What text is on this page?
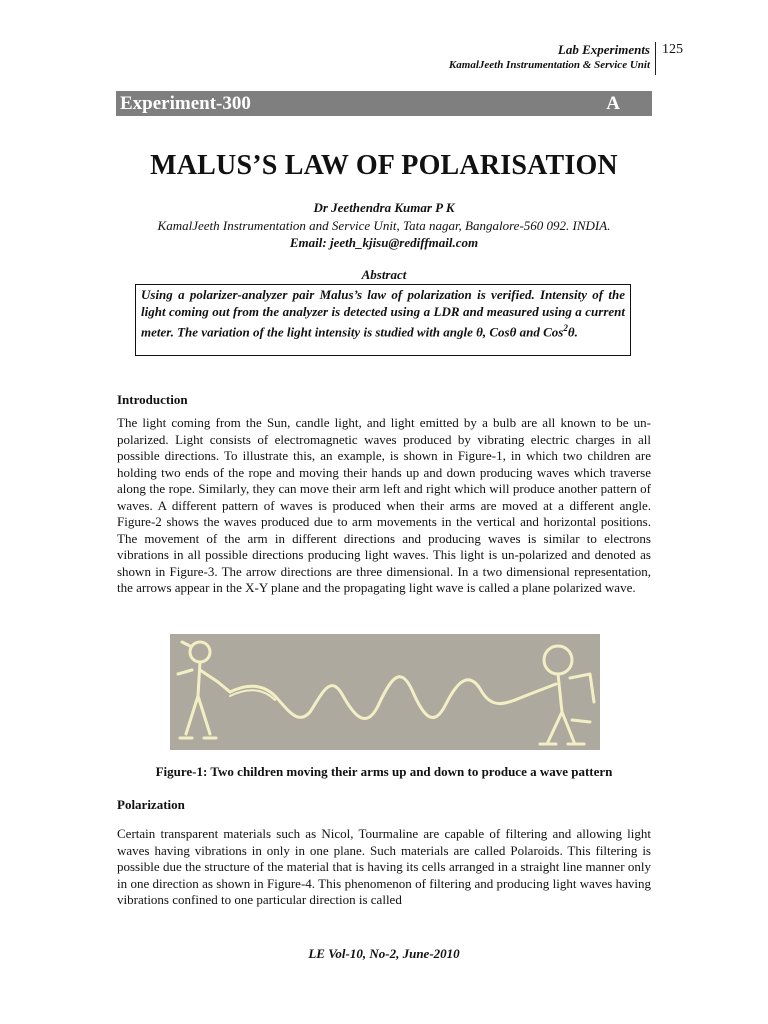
Lab Experiments
KamalJeeth Instrumentation & Service Unit
125
Experiment-300	A
MALUS’S LAW OF POLARISATION
Dr Jeethendra Kumar P K
KamalJeeth Instrumentation and Service Unit, Tata nagar, Bangalore-560 092. INDIA.
Email: jeeth_kjisu@rediffmail.com
Abstract
Using a polarizer-analyzer pair Malus’s law of polarization is verified. Intensity of the light coming out from the analyzer is detected using a LDR and measured using a current meter. The variation of the light intensity is studied with angle θ, Cosθ and Cos$^2$θ.
Introduction
The light coming from the Sun, candle light, and light emitted by a bulb are all known to be un-polarized. Light consists of electromagnetic waves produced by vibrating electric charges in all possible directions. To illustrate this, an example, is shown in Figure-1, in which two children are holding two ends of the rope and moving their hands up and down producing waves which traverse along the rope. Similarly, they can move their arm left and right which will produce another pattern of waves. A different pattern of waves is produced when their arms are moved at a different angle. Figure-2 shows the waves produced due to arm movements in the vertical and horizontal positions. The movement of the arm in different directions and producing waves is similar to electrons vibrations in all possible directions producing light waves. This light is un-polarized and denoted as shown in Figure-3. The arrow directions are three dimensional. In a two dimensional representation, the arrows appear in the X-Y plane and the propagating light wave is called a plane polarized wave.
Figure-1: Two children moving their arms up and down to produce a wave pattern
Polarization
Certain transparent materials such as Nicol, Tourmaline are capable of filtering and allowing light waves having vibrations in only in one plane. Such materials are called Polaroids. This filtering is possible due the structure of the material that is having its cells arranged in a straight line manner only in one direction as shown in Figure-4. This phenomenon of filtering and producing light waves having vibrations confined to one particular direction is called
LE Vol-10, No-2, June-2010
